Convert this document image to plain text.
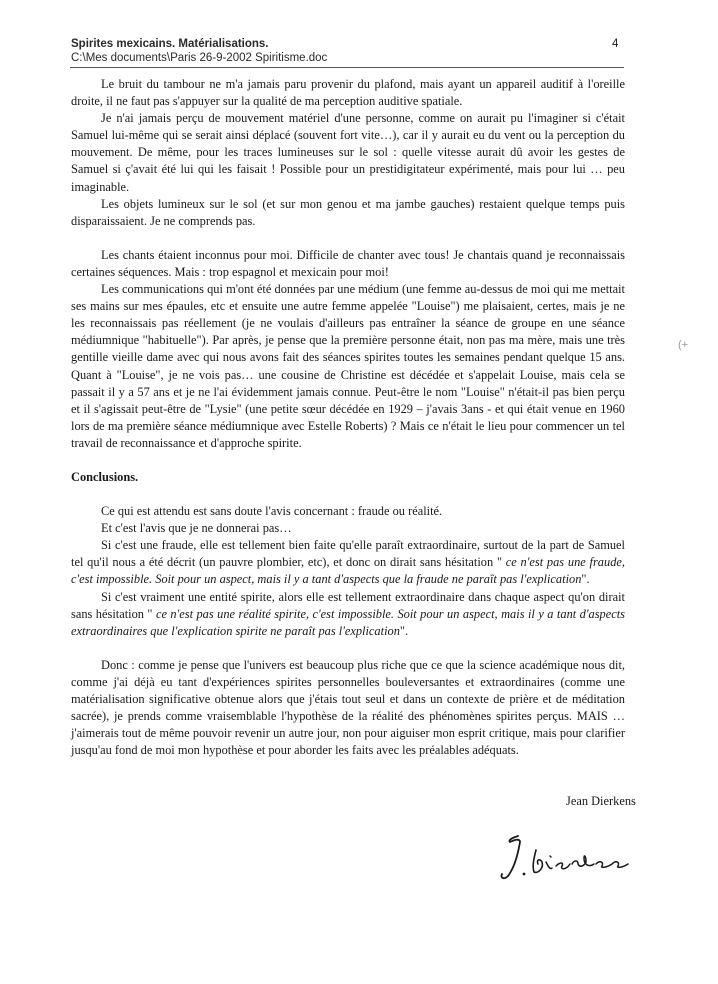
Spirites mexicains. Matérialisations.
C:\Mes documents\Paris 26-9-2002 Spiritisme.doc
4
(+

Le bruit du tambour ne m'a jamais paru provenir du plafond, mais ayant un appareil auditif à l'oreille droite, il ne faut pas s'appuyer sur la qualité de ma perception auditive spatiale.

Je n'ai jamais perçu de mouvement matériel d'une personne, comme on aurait pu l'imaginer si c'était Samuel lui-même qui se serait ainsi déplacé (souvent fort vite…), car il y aurait eu du vent ou la perception du mouvement. De même, pour les traces lumineuses sur le sol : quelle vitesse aurait dû avoir les gestes de Samuel si ç'avait été lui qui les faisait ! Possible pour un prestidigitateur expérimenté, mais pour lui … peu imaginable.

Les objets lumineux sur le sol (et sur mon genou et ma jambe gauches) restaient quelque temps puis disparaissaient. Je ne comprends pas.

Les chants étaient inconnus pour moi. Difficile de chanter avec tous! Je chantais quand je reconnaissais certaines séquences. Mais : trop espagnol et mexicain pour moi!

Les communications qui m'ont été données par une médium (une femme au-dessus de moi qui me mettait ses mains sur mes épaules, etc et ensuite une autre femme appelée "Louise") me plaisaient, certes, mais je ne les reconnaissais pas réellement (je ne voulais d'ailleurs pas entraîner la séance de groupe en une séance médiumnique "habituelle"). Par après, je pense que la première personne était, non pas ma mère, mais une très gentille vieille dame avec qui nous avons fait des séances spirites toutes les semaines pendant quelque 15 ans. Quant à "Louise", je ne vois pas… une cousine de Christine est décédée et s'appelait Louise, mais cela se passait il y a 57 ans et je ne l'ai évidemment jamais connue. Peut-être le nom "Louise" n'était-il pas bien perçu et il s'agissait peut-être de "Lysie" (une petite sœur décédée en 1929 – j'avais 3ans - et qui était venue en 1960 lors de ma première séance médiumnique avec Estelle Roberts) ? Mais ce n'était le lieu pour commencer un tel travail de reconnaissance et d'approche spirite.

Conclusions.

Ce qui est attendu est sans doute l'avis concernant : fraude ou réalité.

Et c'est l'avis que je ne donnerai pas…

Si c'est une fraude, elle est tellement bien faite qu'elle paraît extraordinaire, surtout de la part de Samuel tel qu'il nous a été décrit (un pauvre plombier, etc), et donc on dirait sans hésitation " ce n'est pas une fraude, c'est impossible. Soit pour un aspect, mais il y a tant d'aspects que la fraude ne paraît pas l'explication".

Si c'est vraiment une entité spirite, alors elle est tellement extraordinaire dans chaque aspect qu'on dirait sans hésitation " ce n'est pas une réalité spirite, c'est impossible. Soit pour un aspect, mais il y a tant d'aspects extraordinaires que l'explication spirite ne paraît pas l'explication".

Donc : comme je pense que l'univers est beaucoup plus riche que ce que la science académique nous dit, comme j'ai déjà eu tant d'expériences spirites personnelles bouleversantes et extraordinaires (comme une matérialisation significative obtenue alors que j'étais tout seul et dans un contexte de prière et de méditation sacrée), je prends comme vraisemblable l'hypothèse de la réalité des phénomènes spirites perçus. MAIS … j'aimerais tout de même pouvoir revenir un autre jour, non pour aiguiser mon esprit critique, mais pour clarifier jusqu'au fond de moi mon hypothèse et pour aborder les faits avec les préalables adéquats.

Jean Dierkens
